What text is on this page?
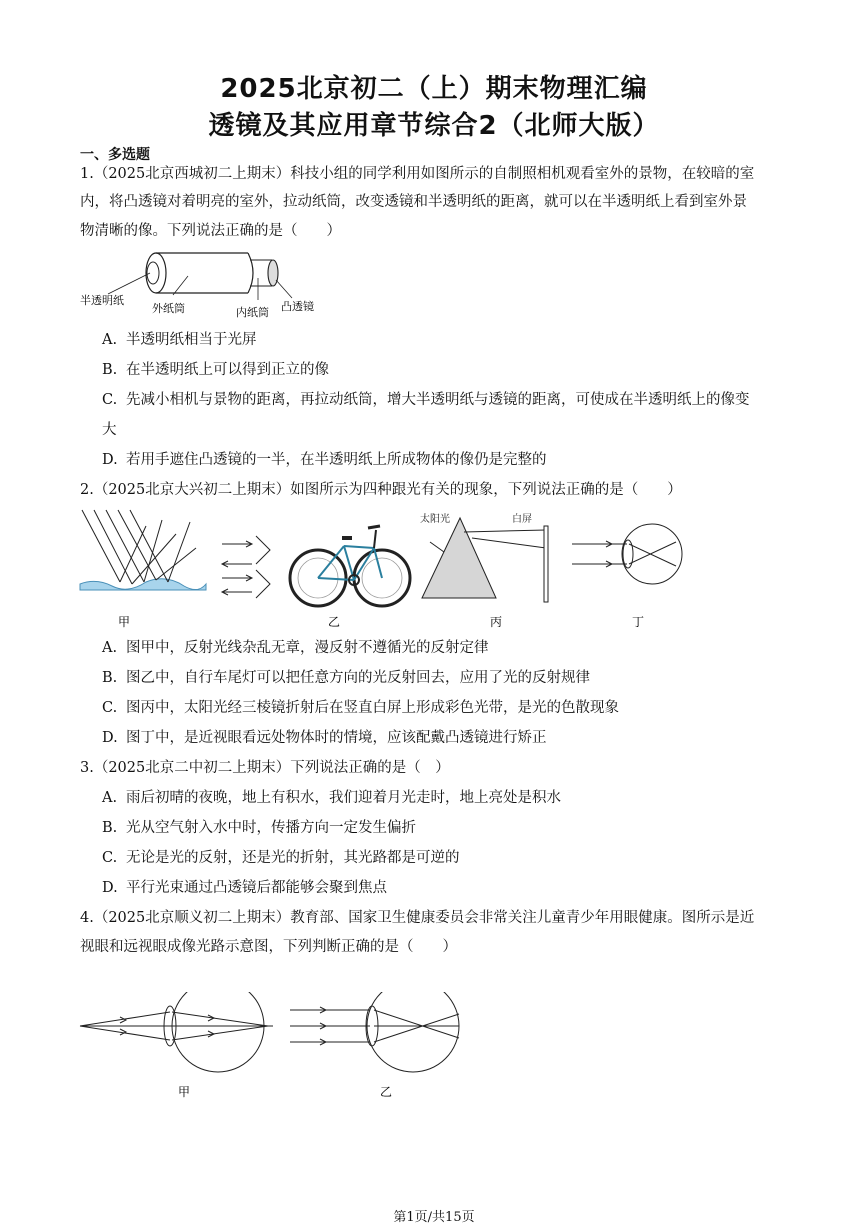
2025北京初二（上）期末物理汇编
透镜及其应用章节综合2（北师大版）
一、多选题
1.（2025北京西城初二上期末）科技小组的同学利用如图所示的自制照相机观看室外的景物，在较暗的室
内，将凸透镜对着明亮的室外，拉动纸筒，改变透镜和半透明纸的距离，就可以在半透明纸上看到室外景
物清晰的像。下列说法正确的是（　　）
半透明纸
外纸筒	内纸筒 凸透镜
A. 半透明纸相当于光屏
B. 在半透明纸上可以得到正立的像
C. 先减小相机与景物的距离，再拉动纸筒，增大半透明纸与透镜的距离，可使成在半透明纸上的像变
大
D. 若用手遮住凸透镜的一半，在半透明纸上所成物体的像仍是完整的
2.（2025北京大兴初二上期末）如图所示为四种跟光有关的现象，下列说法正确的是（　　）
太阳光	白屏
甲	乙	丙	丁
A. 图甲中，反射光线杂乱无章，漫反射不遵循光的反射定律
B. 图乙中，自行车尾灯可以把任意方向的光反射回去，应用了光的反射规律
C. 图丙中，太阳光经三棱镜折射后在竖直白屏上形成彩色光带，是光的色散现象
D. 图丁中，是近视眼看远处物体时的情境，应该配戴凸透镜进行矫正
3.（2025北京二中初二上期末）下列说法正确的是（　）
A. 雨后初晴的夜晚，地上有积水，我们迎着月光走时，地上亮处是积水
B. 光从空气射入水中时，传播方向一定发生偏折
C. 无论是光的反射，还是光的折射，其光路都是可逆的
D. 平行光束通过凸透镜后都能够会聚到焦点
4.（2025北京顺义初二上期末）教育部、国家卫生健康委员会非常关注儿童青少年用眼健康。图所示是近
视眼和远视眼成像光路示意图，下列判断正确的是（　　）
甲	乙
第1页/共15页
